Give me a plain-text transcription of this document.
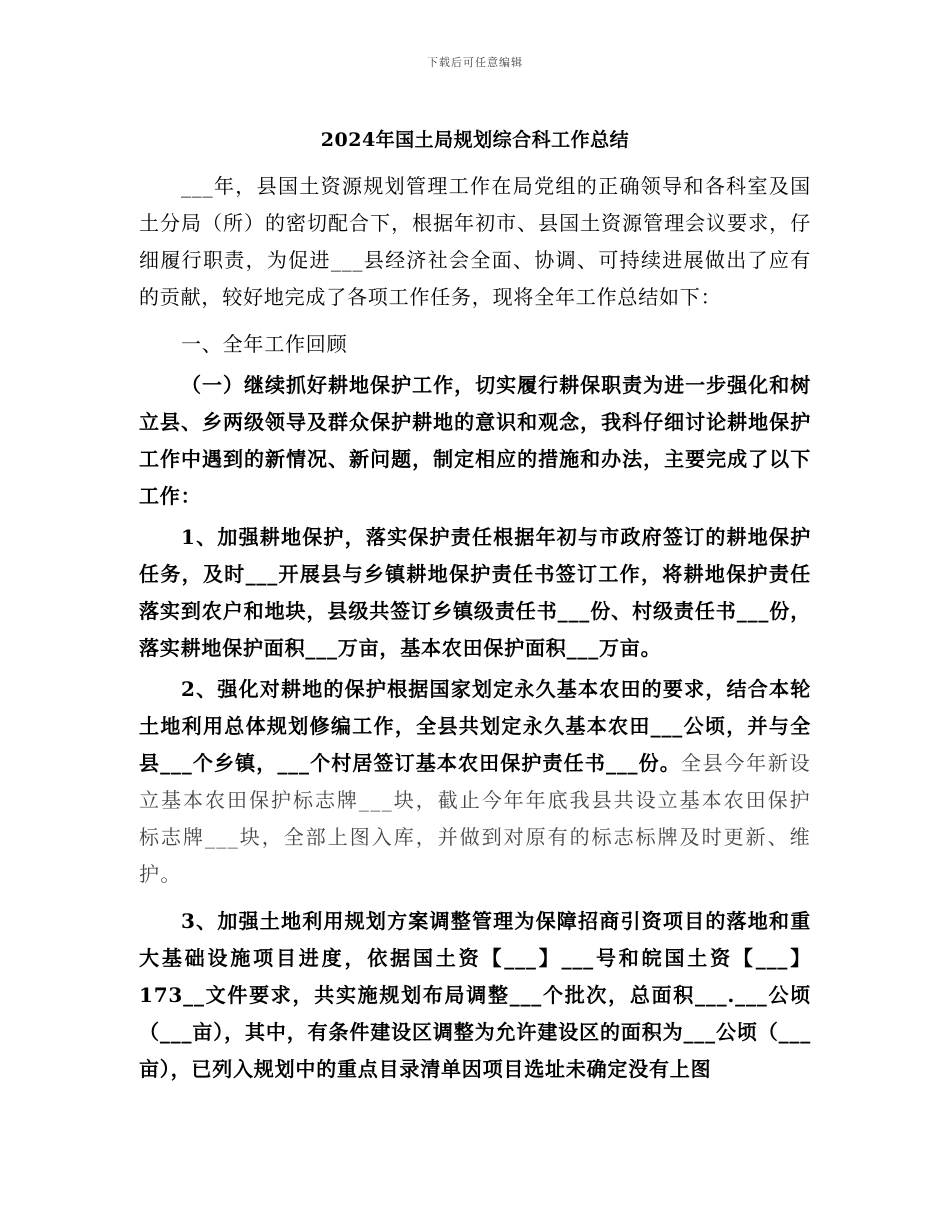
下载后可任意编辑
2024年国土局规划综合科工作总结

___年，县国土资源规划管理工作在局党组的正确领导和各科室及国土分局（所）的密切配合下，根据年初市、县国土资源管理会议要求，仔细履行职责，为促进___县经济社会全面、协调、可持续进展做出了应有的贡献，较好地完成了各项工作任务，现将全年工作总结如下：

一、全年工作回顾

（一）继续抓好耕地保护工作，切实履行耕保职责为进一步强化和树立县、乡两级领导及群众保护耕地的意识和观念，我科仔细讨论耕地保护工作中遇到的新情况、新问题，制定相应的措施和办法，主要完成了以下工作：

1、加强耕地保护，落实保护责任根据年初与市政府签订的耕地保护任务，及时___开展县与乡镇耕地保护责任书签订工作，将耕地保护责任落实到农户和地块，县级共签订乡镇级责任书___份、村级责任书___份，落实耕地保护面积___万亩，基本农田保护面积___万亩。

2、强化对耕地的保护根据国家划定永久基本农田的要求，结合本轮土地利用总体规划修编工作，全县共划定永久基本农田___公顷，并与全县___个乡镇，___个村居签订基本农田保护责任书___份。全县今年新设立基本农田保护标志牌___块，截止今年年底我县共设立基本农田保护标志牌___块，全部上图入库，并做到对原有的标志标牌及时更新、维护。

3、加强土地利用规划方案调整管理为保障招商引资项目的落地和重大基础设施项目进度，依据国土资【___】___号和皖国土资【___】173__文件要求，共实施规划布局调整___个批次，总面积___.___公顷（___亩），其中，有条件建设区调整为允许建设区的面积为___公顷（___亩），已列入规划中的重点目录清单因项目选址未确定没有上图
